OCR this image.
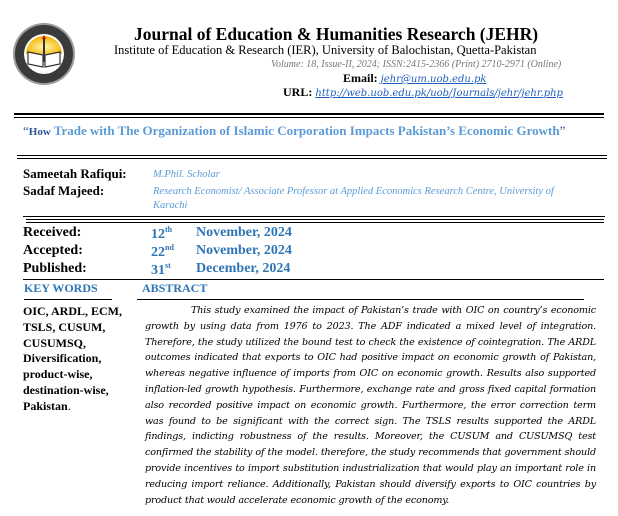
I E R
Journal of Education & Humanities Research (JEHR)
Institute of Education & Research (IER), University of Balochistan, Quetta-Pakistan
Volume: 18, Issue-II, 2024; ISSN:2415-2366 (Print) 2710-2971 (Online)
Email: jehr@um.uob.edu.pk
URL: http://web.uob.edu.pk/uob/Journals/jehr/jehr.php
“How Trade with The Organization of Islamic Corporation Impacts Pakistan’s Economic Growth”
Sameetah Rafiqui:	M.Phil. Scholar
Sadaf Majeed:	Research Economist/ Associate Professor at Applied Economics Research Centre, University of Karachi
Received:	12th November, 2024
Accepted:	22nd November, 2024
Published:	31st December, 2024
KEY WORDS	ABSTRACT
OIC, ARDL, ECM, TSLS, CUSUM, CUSUMSQ, Diversification, product-wise, destination-wise, Pakistan.
This study examined the impact of Pakistan’s trade with OIC on country’s economic growth by using data from 1976 to 2023. The ADF indicated a mixed level of integration. Therefore, the study utilized the bound test to check the existence of cointegration. The ARDL outcomes indicated that exports to OIC had positive impact on economic growth of Pakistan, whereas negative influence of imports from OIC on economic growth. Results also supported inflation-led growth hypothesis. Furthermore, exchange rate and gross fixed capital formation also recorded positive impact on economic growth. Furthermore, the error correction term was found to be significant with the correct sign. The TSLS results supported the ARDL findings, indicting robustness of the results. Moreover, the CUSUM and CUSUMSQ test confirmed the stability of the model. therefore, the study recommends that government should provide incentives to import substitution industrialization that would play an important role in reducing import reliance. Additionally, Pakistan should diversify exports to OIC countries by product that would accelerate economic growth of the economy.
